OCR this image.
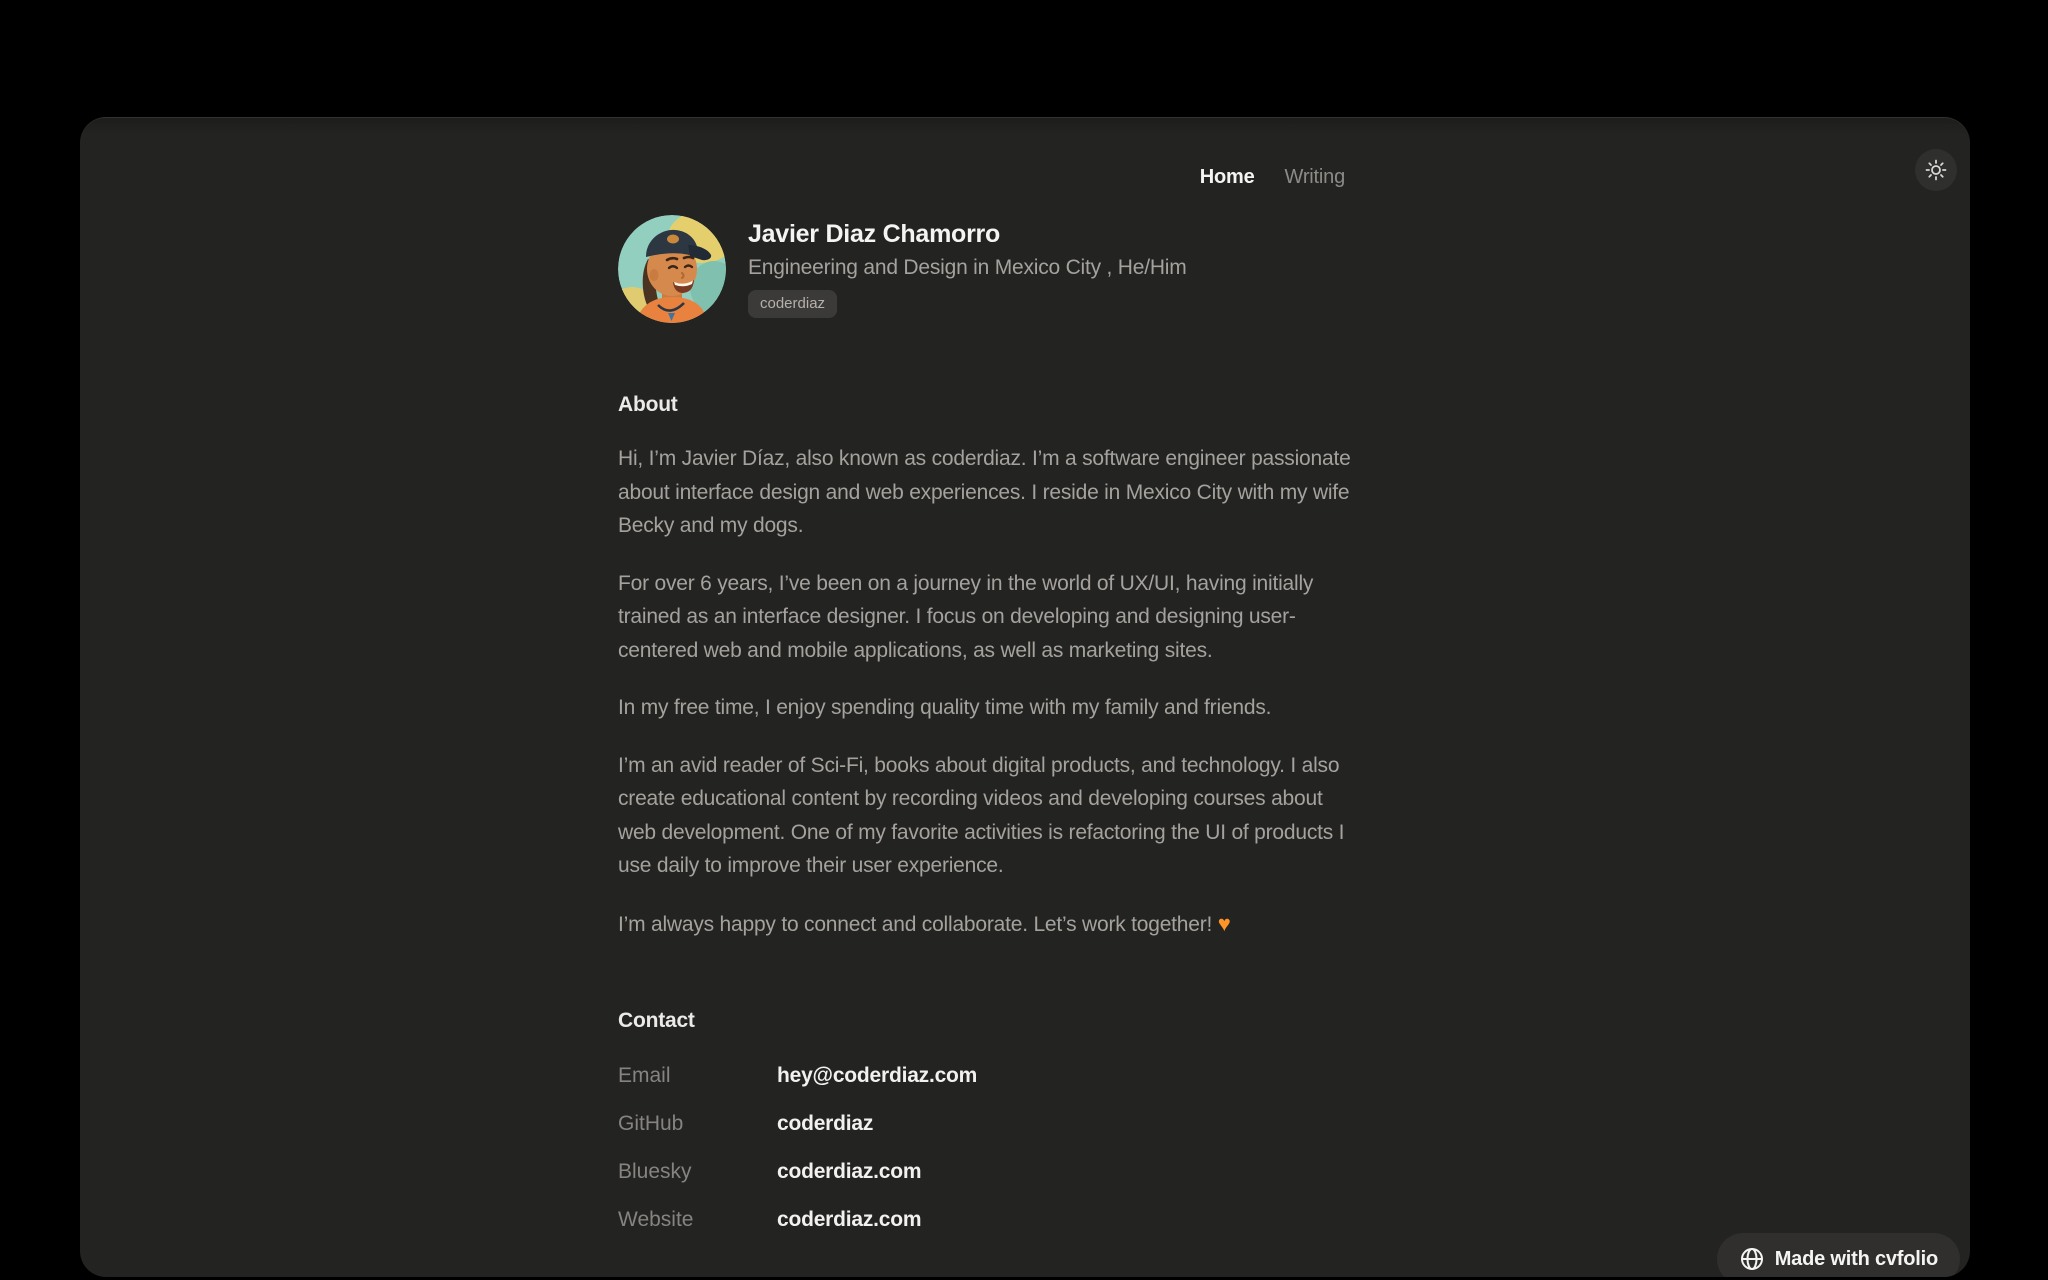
Home Writing
Javier Diaz Chamorro
Engineering and Design in Mexico City , He/Him
coderdiaz
About

Hi, I’m Javier Díaz, also known as coderdiaz. I’m a software engineer passionate about interface design and web experiences. I reside in Mexico City with my wife Becky and my dogs.

For over 6 years, I’ve been on a journey in the world of UX/UI, having initially trained as an interface designer. I focus on developing and designing user-centered web and mobile applications, as well as marketing sites.

In my free time, I enjoy spending quality time with my family and friends.

I’m an avid reader of Sci-Fi, books about digital products, and technology. I also create educational content by recording videos and developing courses about web development. One of my favorite activities is refactoring the UI of products I use daily to improve their user experience.

I’m always happy to connect and collaborate. Let’s work together! ♥

Contact
Email	hey@coderdiaz.com
GitHub	coderdiaz
Bluesky	coderdiaz.com
Website	coderdiaz.com
Made with cvfolio
